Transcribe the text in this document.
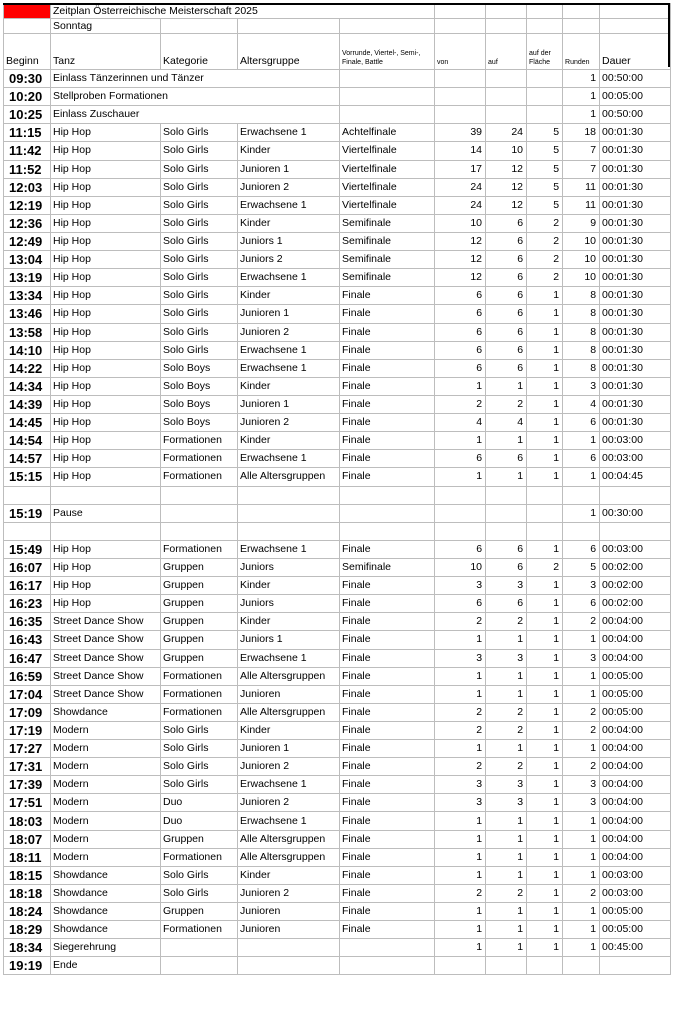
	Zeitplan Österreichische Meisterschaft 2025								
	Sonntag								
Beginn	Tanz	Kategorie	Altersgruppe	Vorrunde, Viertel-, Semi-, Finale, Battle	von	auf	auf der Fläche	Runden	Dauer
09:30	Einlass Tänzerinnen und Tänzer							1	00:50:00
10:20	Stellproben Formationen							1	00:05:00
10:25	Einlass Zuschauer							1	00:50:00
11:15	Hip Hop	Solo Girls	Erwachsene 1	Achtelfinale	39	24	5	18	00:01:30
11:42	Hip Hop	Solo Girls	Kinder	Viertelfinale	14	10	5	7	00:01:30
11:52	Hip Hop	Solo Girls	Junioren 1	Viertelfinale	17	12	5	7	00:01:30
12:03	Hip Hop	Solo Girls	Junioren 2	Viertelfinale	24	12	5	11	00:01:30
12:19	Hip Hop	Solo Girls	Erwachsene 1	Viertelfinale	24	12	5	11	00:01:30
12:36	Hip Hop	Solo Girls	Kinder	Semifinale	10	6	2	9	00:01:30
12:49	Hip Hop	Solo Girls	Juniors 1	Semifinale	12	6	2	10	00:01:30
13:04	Hip Hop	Solo Girls	Juniors 2	Semifinale	12	6	2	10	00:01:30
13:19	Hip Hop	Solo Girls	Erwachsene 1	Semifinale	12	6	2	10	00:01:30
13:34	Hip Hop	Solo Girls	Kinder	Finale	6	6	1	8	00:01:30
13:46	Hip Hop	Solo Girls	Junioren 1	Finale	6	6	1	8	00:01:30
13:58	Hip Hop	Solo Girls	Junioren 2	Finale	6	6	1	8	00:01:30
14:10	Hip Hop	Solo Girls	Erwachsene 1	Finale	6	6	1	8	00:01:30
14:22	Hip Hop	Solo Boys	Erwachsene 1	Finale	6	6	1	8	00:01:30
14:34	Hip Hop	Solo Boys	Kinder	Finale	1	1	1	3	00:01:30
14:39	Hip Hop	Solo Boys	Junioren 1	Finale	2	2	1	4	00:01:30
14:45	Hip Hop	Solo Boys	Junioren 2	Finale	4	4	1	6	00:01:30
14:54	Hip Hop	Formationen	Kinder	Finale	1	1	1	1	00:03:00
14:57	Hip Hop	Formationen	Erwachsene 1	Finale	6	6	1	6	00:03:00
15:15	Hip Hop	Formationen	Alle Altersgruppen	Finale	1	1	1	1	00:04:45

15:19	Pause							1	00:30:00

15:49	Hip Hop	Formationen	Erwachsene 1	Finale	6	6	1	6	00:03:00
16:07	Hip Hop	Gruppen	Juniors	Semifinale	10	6	2	5	00:02:00
16:17	Hip Hop	Gruppen	Kinder	Finale	3	3	1	3	00:02:00
16:23	Hip Hop	Gruppen	Juniors	Finale	6	6	1	6	00:02:00
16:35	Street Dance Show	Gruppen	Kinder	Finale	2	2	1	2	00:04:00
16:43	Street Dance Show	Gruppen	Juniors 1	Finale	1	1	1	1	00:04:00
16:47	Street Dance Show	Gruppen	Erwachsene 1	Finale	3	3	1	3	00:04:00
16:59	Street Dance Show	Formationen	Alle Altersgruppen	Finale	1	1	1	1	00:05:00
17:04	Street Dance Show	Formationen	Junioren	Finale	1	1	1	1	00:05:00
17:09	Showdance	Formationen	Alle Altersgruppen	Finale	2	2	1	2	00:05:00
17:19	Modern	Solo Girls	Kinder	Finale	2	2	1	2	00:04:00
17:27	Modern	Solo Girls	Junioren 1	Finale	1	1	1	1	00:04:00
17:31	Modern	Solo Girls	Junioren 2	Finale	2	2	1	2	00:04:00
17:39	Modern	Solo Girls	Erwachsene 1	Finale	3	3	1	3	00:04:00
17:51	Modern	Duo	Junioren 2	Finale	3	3	1	3	00:04:00
18:03	Modern	Duo	Erwachsene 1	Finale	1	1	1	1	00:04:00
18:07	Modern	Gruppen	Alle Altersgruppen	Finale	1	1	1	1	00:04:00
18:11	Modern	Formationen	Alle Altersgruppen	Finale	1	1	1	1	00:04:00
18:15	Showdance	Solo Girls	Kinder	Finale	1	1	1	1	00:03:00
18:18	Showdance	Solo Girls	Junioren 2	Finale	2	2	1	2	00:03:00
18:24	Showdance	Gruppen	Junioren	Finale	1	1	1	1	00:05:00
18:29	Showdance	Formationen	Junioren	Finale	1	1	1	1	00:05:00
18:34	Siegerehrung				1	1	1	1	00:45:00
19:19	Ende								
